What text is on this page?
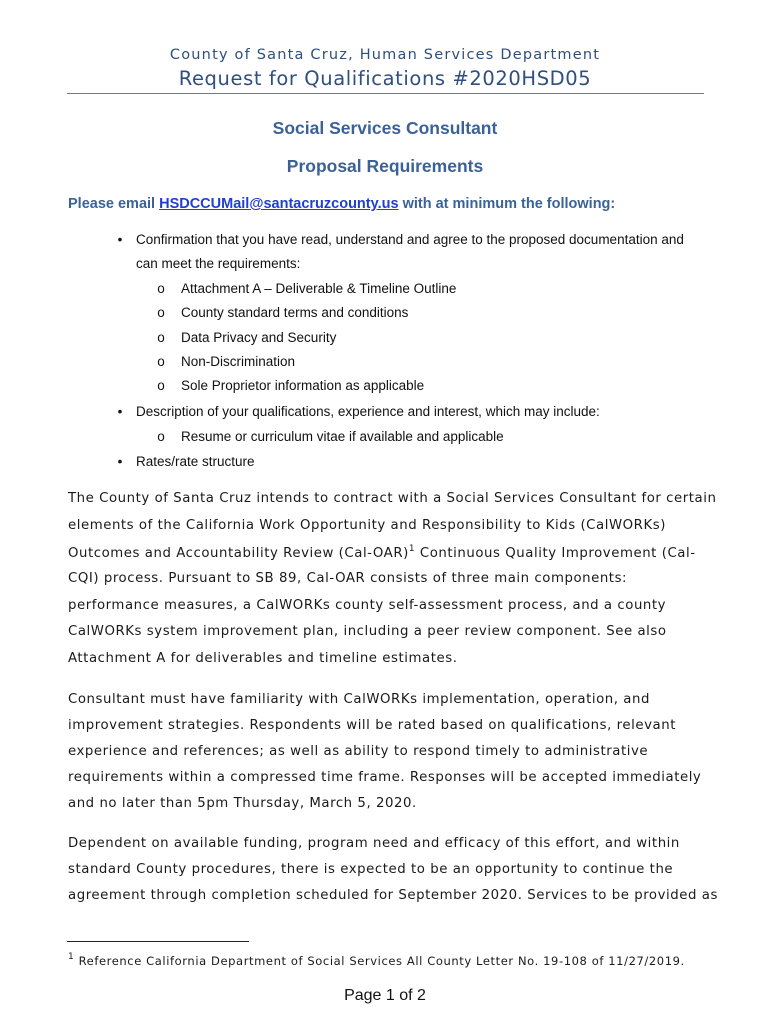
County of Santa Cruz, Human Services Department
Request for Qualifications #2020HSD05
Social Services Consultant
Proposal Requirements
Please email HSDCCUMail@santacruzcounty.us with at minimum the following:
•	Confirmation that you have read, understand and agree to the proposed documentation and
can meet the requirements:
o	Attachment A – Deliverable & Timeline Outline
o	County standard terms and conditions
o	Data Privacy and Security
o	Non-Discrimination
o	Sole Proprietor information as applicable
•	Description of your qualifications, experience and interest, which may include:
o	Resume or curriculum vitae if available and applicable
•	Rates/rate structure
The County of Santa Cruz intends to contract with a Social Services Consultant for certain
elements of the California Work Opportunity and Responsibility to Kids (CalWORKs)
Outcomes and Accountability Review $(Cal-OAR)^1$ Continuous Quality Improvement (Cal-
CQI) process. Pursuant to SB 89, Cal-OAR consists of three main components:
performance measures, a CalWORKs county self-assessment process, and a county
CalWORKs system improvement plan, including a peer review component. See also
Attachment A for deliverables and timeline estimates.
Consultant must have familiarity with CalWORKs implementation, operation, and
improvement strategies. Respondents will be rated based on qualifications, relevant
experience and references; as well as ability to respond timely to administrative
requirements within a compressed time frame. Responses will be accepted immediately
and no later than 5pm Thursday, March 5, 2020.
Dependent on available funding, program need and efficacy of this effort, and within
standard County procedures, there is expected to be an opportunity to continue the
agreement through completion scheduled for September 2020. Services to be provided as
$^1$ Reference California Department of Social Services All County Letter No. 19-108 of 11/27/2019.
Page 1 of 2
